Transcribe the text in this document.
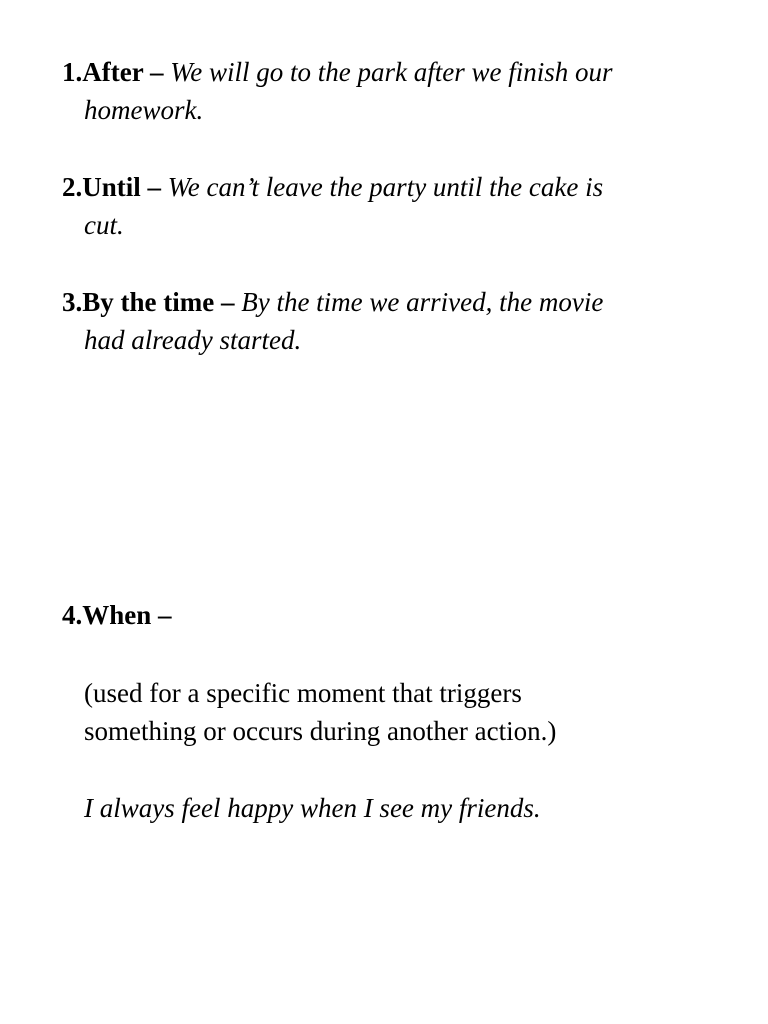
1.After – We will go to the park after we finish our

homework.

2.Until – We can’t leave the party until the cake is

cut.

3.By the time – By the time we arrived, the movie

had already started.

4.When –

(used for a specific moment that triggers

something or occurs during another action.)

I always feel happy when I see my friends.
